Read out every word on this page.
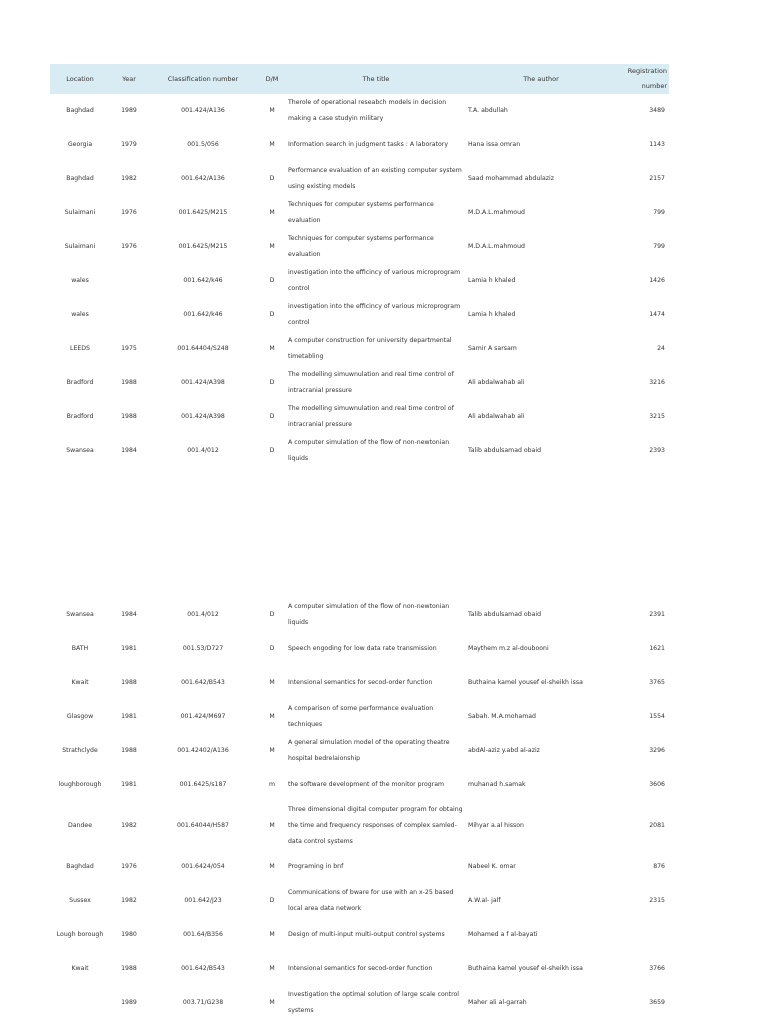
Location	Year	Classification number	D/M	The title	The author	Registration number
Baghdad	1989	001.424/A136	M	Therole of operational reseabch models in decision making a case studyin military	T.A. abdullah	3489
Georgia	1979	001.5/056	M	Information search in judgment tasks : A laboratory	Hana issa omran	1143
Baghdad	1982	001.642/A136	D	Performance evaluation of an existing computer system using existing models	Saad mohammad abdulaziz	2157
Sulaimani	1976	001.6425/M215	M	Techniques for computer systems performance evaluation	M.D.A.L.mahmoud	799
Sulaimani	1976	001.6425/M215	M	Techniques for computer systems performance evaluation	M.D.A.L.mahmoud	799
wales		001.642/k46	D	investigation into the efficincy of various microprogram control	Lamia h khaled	1426
wales		001.642/k46	D	investigation into the efficincy of various microprogram control	Lamia h khaled	1474
LEEDS	1975	001.64404/S248	M	A computer construction for university departmental timetabling	Samir A sarsam	24
Bradford	1988	001.424/A398	D	The modelling simuwnulation and real time control of intracranial pressure	Ali abdalwahab ali	3216
Bradford	1988	001.424/A398	D	The modelling simuwnulation and real time control of intracranial pressure	Ali abdalwahab ali	3215
Swansea	1984	001.4/012	D	A computer simulation of the flow of non-newtonian liquids	Talib abdulsamad obaid	2393

Swansea	1984	001.4/012	D	A computer simulation of the flow of non-newtonian liquids	Talib abdulsamad obaid	2391
BATH	1981	001.53/D727	D	Speech engoding for low data rate transmission	Maythem m.z al-doubooni	1621
Kwait	1988	001.642/B543	M	Intensional semantics for secod-order function	Buthaina kamel yousef el-sheikh issa	3765
Glasgow	1981	001.424/M697	M	A comparison of some performance evaluation techniques	Sabah. M.A.mohamad	1554
Strathclyde	1988	001.42402/A136	M	A general simulation model of the operating theatre hospital bedrelaionship	abdAl-aziz y.abd al-aziz	3296
loughborough	1981	001.6425/s187	m	the software development of the monitor program	muhanad h.samak	3606
Dandee	1982	001.64044/H587	M	Three dimensional digital computer program for obtaing the time and frequency responses of complex samled-data control systems	Mihyar a.al hisson	2081
Baghdad	1976	001.6424/054	M	Programing in bnf	Nabeel K. omar	876
Sussex	1982	001.642/J23	D	Communications of bware for use with an x-25 based local area data network	A.W.al- jalf	2315
Lough borough	1980	001.64/B356	M	Design of multi-input multi-output control systems	Mohamed a f al-bayati	
Kwait	1988	001.642/B543	M	Intensional semantics for secod-order function	Buthaina kamel yousef el-sheikh issa	3766
	1989	003.71/G238	M	Investigation the optimal solution of large scale control systems	Maher ali al-garrah	3659
